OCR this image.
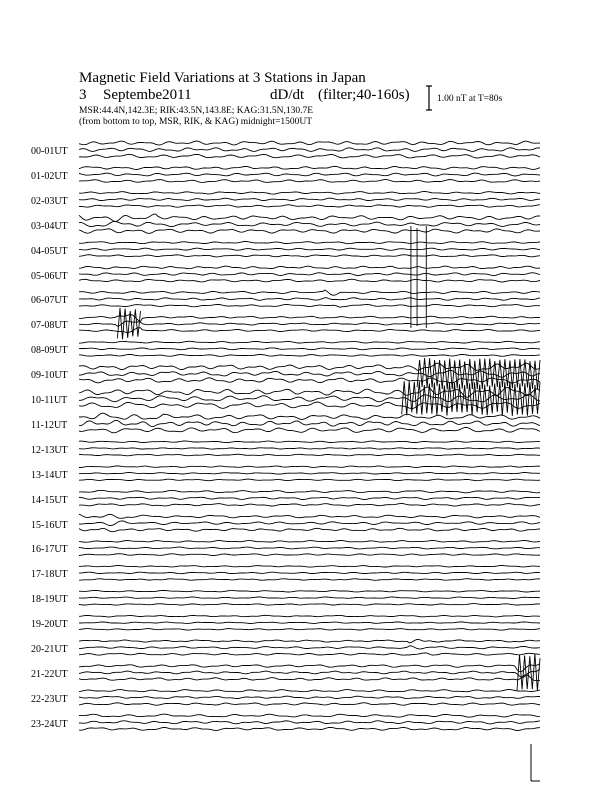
Magnetic Field Variations at 3 Stations in Japan
3 Septembe2011	dD/dt (filter;40-160s)
MSR:44.4N,142.3E; RIK:43.5N,143.8E; KAG:31.5N,130.7E
(from bottom to top, MSR, RIK, & KAG) midnight=1500UT
1.00 nT at T=80s
00-01UT
01-02UT
02-03UT
03-04UT
04-05UT
05-06UT
06-07UT
07-08UT
08-09UT
09-10UT
10-11UT
11-12UT
12-13UT
13-14UT
14-15UT
15-16UT
16-17UT
17-18UT
18-19UT
19-20UT
20-21UT
21-22UT
22-23UT
23-24UT
